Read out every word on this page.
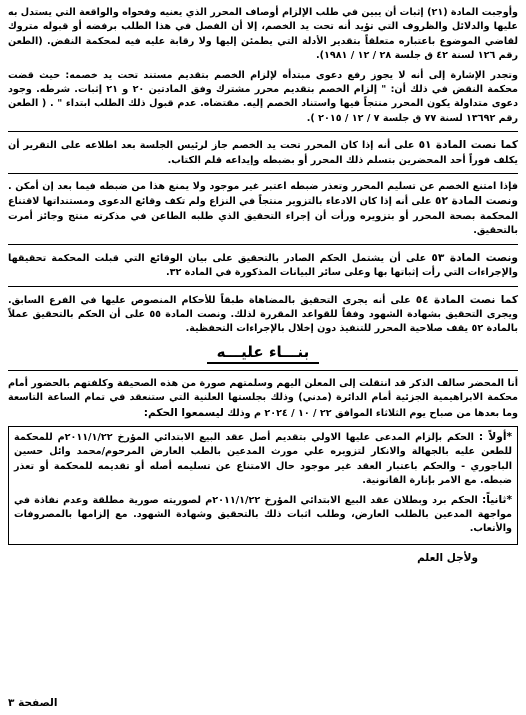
وأوجبت المادة (٢١) إثبات أن يبين في طلب الإلزام أوصاف المحرر الذي يعنيه وفحواه والواقعة التي يستدل به عليها والدلائل والظروف التي تؤيد أنه تحت يد الخصم، إلا أن الفصل في هذا الطلب برفضه أو قبوله متروك لقاضي الموضوع باعتباره متعلقاً بتقدير الأدلة التي يطمئن إليها ولا رقابة عليه فيه لمحكمة النقض. (الطعن رقم ١٢٦ لسنة ٤٢ ق جلسة ٢٨ / ١٢ / ١٩٨١).

وتجدر الإشارة إلى أنه لا يجوز رفع دعوى مبتدأه لإلزام الخصم بتقديم مستند تحت يد خصمه: حيث قضت محكمة النقض في ذلك أن: " إلزام الخصم بتقديم محرر مشترك وفق المادتين ٢٠ و ٢١ إثبات. شرطه. وجود دعوى متداولة يكون المحرر منتجاً فيها واستناد الخصم إليه. مقتضاه. عدم قبول ذلك الطلب ابتداء " . ( الطعن رقم ١٣٦٩٢ لسنة ٧٧ ق جلسة ٧ / ١٢ / ٢٠١٥ ).

كما نصت المادة ٥١ على أنه إذا كان المحرر تحت يد الخصم جاز لرئيس الجلسة بعد اطلاعه على التقرير أن يكلف فوراً أحد المحضرين بتسلم ذلك المحرر أو بضبطه وإيداعه قلم الكتاب.

فإذا امتنع الخصم عن تسليم المحرر وتعذر ضبطه اعتبر غير موجود ولا يمنع هذا من ضبطه فيما بعد إن أمكن . ونصت المادة ٥٢ على أنه إذا كان الادعاء بالتزوير منتجاً في النزاع ولم تكف وقائع الدعوى ومستنداتها لاقتناع المحكمة بصحة المحرر أو بتزويره ورأت أن إجراء التحقيق الذي طلبه الطاعن في مذكرته منتج وجائز أمرت بالتحقيق.

ونصت المادة ٥٣ على أن يشتمل الحكم الصادر بالتحقيق على بيان الوقائع التي قبلت المحكمة تحقيقها والإجراءات التي رأت إثباتها بها وعلى سائر البيانات المذكورة في المادة ٣٢.

كما نصت المادة ٥٤ على أنه يجرى التحقيق بالمضاهاة طبقاً للأحكام المنصوص عليها في الفرع السابق. ويجرى التحقيق بشهادة الشهود وفقاً للقواعد المقررة لذلك. ونصت المادة ٥٥ على أن الحكم بالتحقيق عملاً بالمادة ٥٢ يقف صلاحية المحرر للتنفيذ دون إخلال بالإجراءات التحفظية.

بنـــاء عليـــه

أنا المحضر سالف الذكر قد انتقلت إلى المعلن اليهم وسلمتهم صورة من هذه الصحيفة وكلفتهم بالحضور أمام محكمة الابراهيمية الجزئية أمام الدائرة (مدني) وذلك بجلستها العلنية التي ستنعقد في تمام الساعة التاسعة وما بعدها من صباح يوم الثلاثاء الموافق ٢٢ / ١٠ / ٢٠٢٤ م وذلك ليسمعوا الحكم:

*أولاً : الحكم بإلزام المدعى عليها الاولي بتقديم أصل عقد البيع الابتدائي المؤرخ ٢٠١١/١/٢٢م للمحكمة للطعن عليه بالجهالة والانكار لتزويره علي مورث المدعين بالطب العارض المرحوم/محمد وائل حسين الباجوري - والحكم باعتبار العقد غير موجود حال الامتناع عن تسليمه أصله أو تقديمه للمحكمة أو تعذر ضبطه. مع الامر بإنارة القانونية.

*ثانياً: الحكم برد وبطلان عقد البيع الابتدائي المؤرخ ٢٠١١/١/٢٢م لصوريته صورية مطلقة وعدم نفاذة في مواجهة المدعين بالطلب العارض، وطلب اثبات ذلك بالتحقيق وشهادة الشهود. مع إلزامها بالمصروفات والأتعاب.

ولأجل العلم
الصفحة ٣
